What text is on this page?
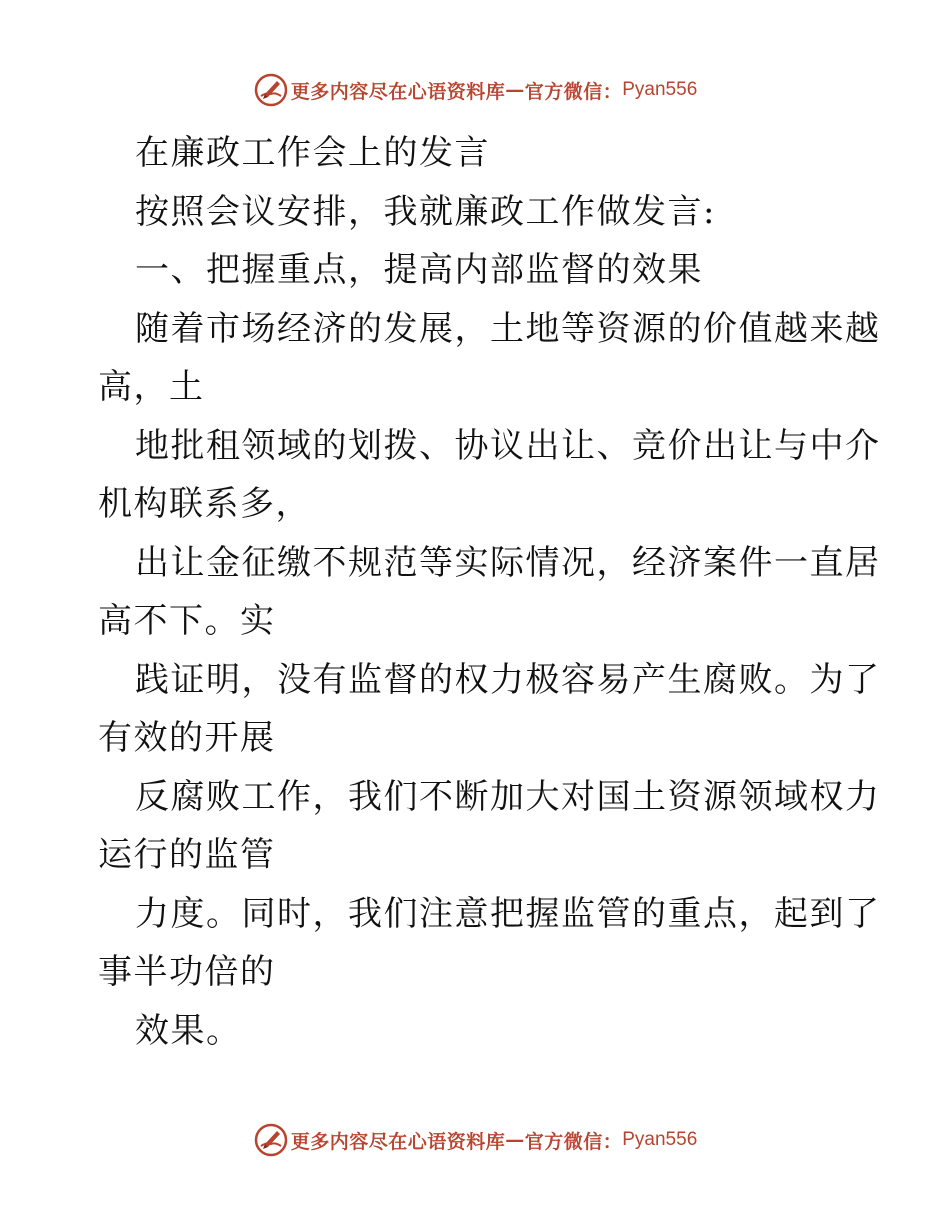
更多内容尽在心语资料库 — 官方微信： Pyan556
在廉政工作会上的发言
按照会议安排，我就廉政工作做发言:
一、把握重点，提高内部监督的效果
随着市场经济的发展，土地等资源的价值越来越
高，土
地批租领域的划拨、协议出让、竞价出让与中介
机构联系多，
出让金征缴不规范等实际情况，经济案件一直居
高不下。实
践证明，没有监督的权力极容易产生腐败。为了
有效的开展
反腐败工作，我们不断加大对国土资源领域权力
运行的监管
力度。同时，我们注意把握监管的重点，起到了
事半功倍的
效果。
更多内容尽在心语资料库 — 官方微信： Pyan556
